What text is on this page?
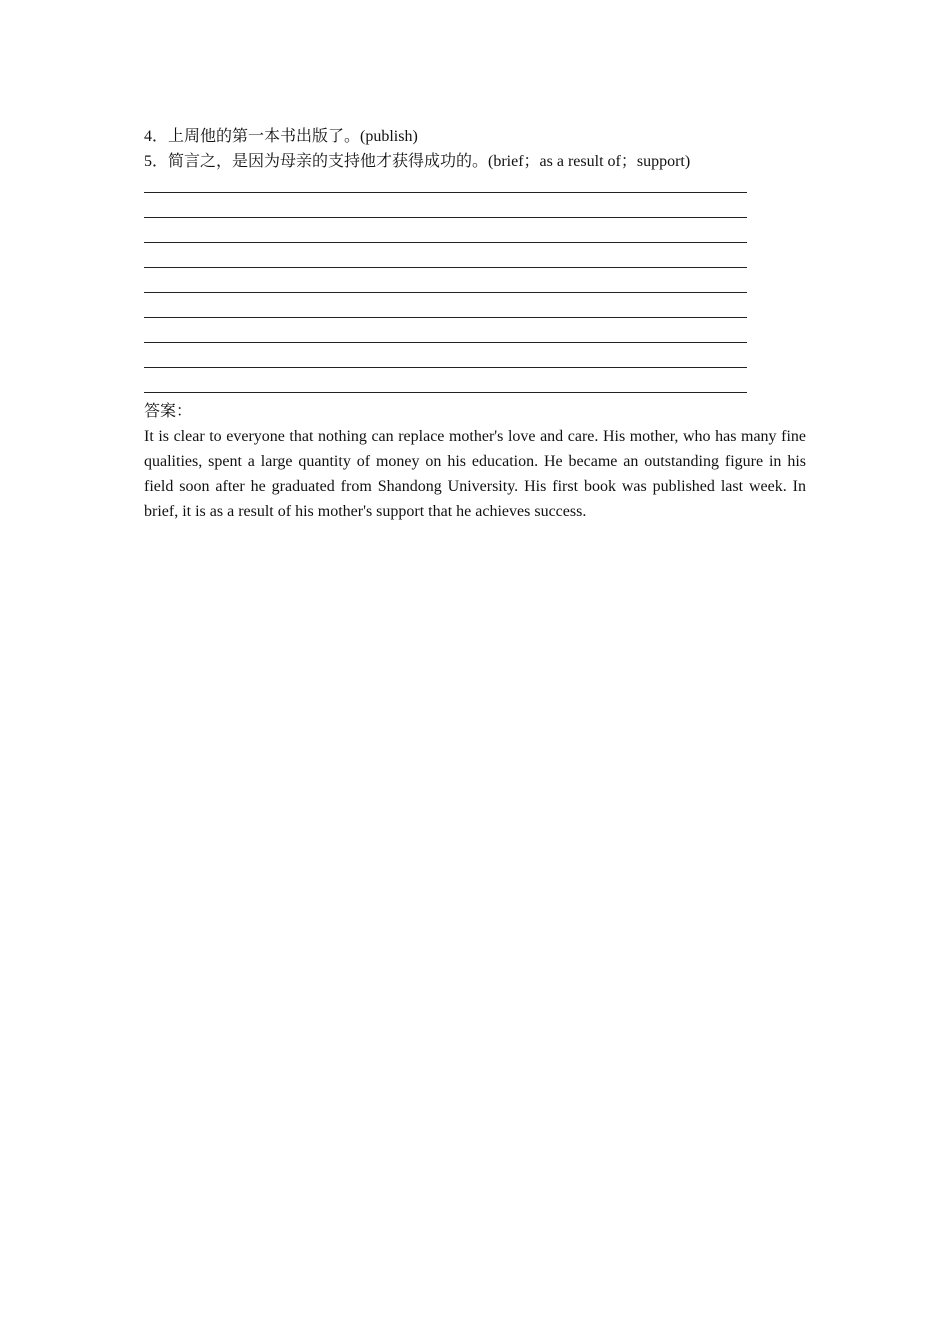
4．上周他的第一本书出版了。(publish)
5．简言之，是因为母亲的支持他才获得成功的。(brief；as a result of；support)
答案：
It is clear to everyone that nothing can replace mother's love and care. His mother, who has many fine qualities, spent a large quantity of money on his education. He became an outstanding figure in his field soon after he graduated from Shandong University. His first book was published last week. In brief, it is as a result of his mother's support that he achieves success.
